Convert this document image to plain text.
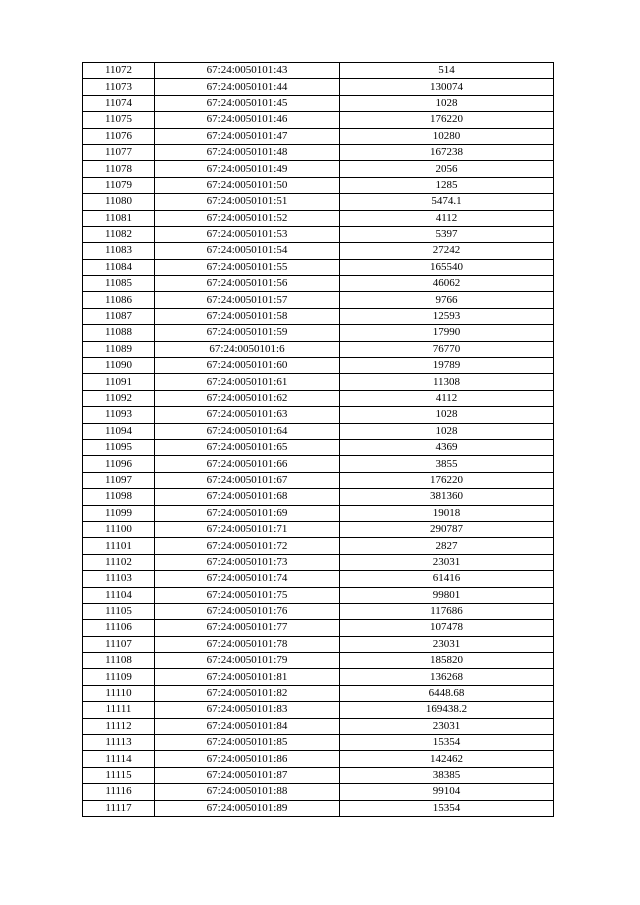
11072	67:24:0050101:43	514
11073	67:24:0050101:44	130074
11074	67:24:0050101:45	1028
11075	67:24:0050101:46	176220
11076	67:24:0050101:47	10280
11077	67:24:0050101:48	167238
11078	67:24:0050101:49	2056
11079	67:24:0050101:50	1285
11080	67:24:0050101:51	5474.1
11081	67:24:0050101:52	4112
11082	67:24:0050101:53	5397
11083	67:24:0050101:54	27242
11084	67:24:0050101:55	165540
11085	67:24:0050101:56	46062
11086	67:24:0050101:57	9766
11087	67:24:0050101:58	12593
11088	67:24:0050101:59	17990
11089	67:24:0050101:6	76770
11090	67:24:0050101:60	19789
11091	67:24:0050101:61	11308
11092	67:24:0050101:62	4112
11093	67:24:0050101:63	1028
11094	67:24:0050101:64	1028
11095	67:24:0050101:65	4369
11096	67:24:0050101:66	3855
11097	67:24:0050101:67	176220
11098	67:24:0050101:68	381360
11099	67:24:0050101:69	19018
11100	67:24:0050101:71	290787
11101	67:24:0050101:72	2827
11102	67:24:0050101:73	23031
11103	67:24:0050101:74	61416
11104	67:24:0050101:75	99801
11105	67:24:0050101:76	117686
11106	67:24:0050101:77	107478
11107	67:24:0050101:78	23031
11108	67:24:0050101:79	185820
11109	67:24:0050101:81	136268
11110	67:24:0050101:82	6448.68
11111	67:24:0050101:83	169438.2
11112	67:24:0050101:84	23031
11113	67:24:0050101:85	15354
11114	67:24:0050101:86	142462
11115	67:24:0050101:87	38385
11116	67:24:0050101:88	99104
11117	67:24:0050101:89	15354
